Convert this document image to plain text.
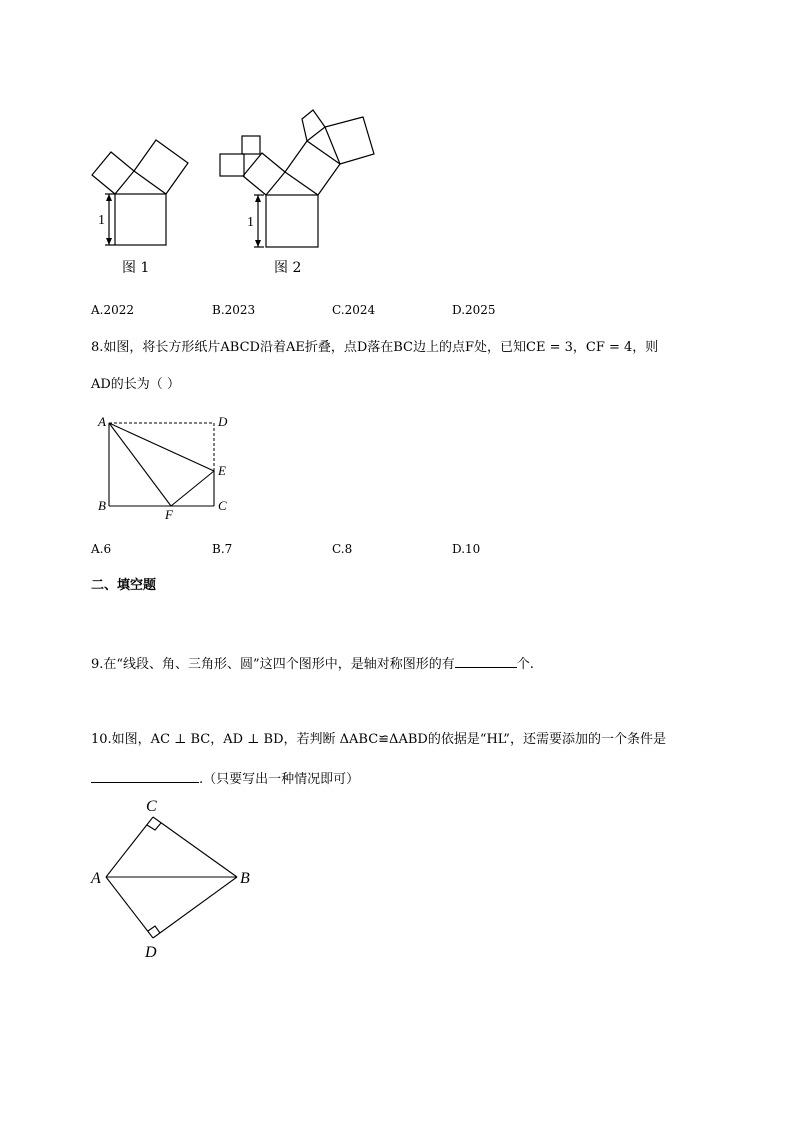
1	1
图 1	图 2
A.2022	B.2023	C.2024	D.2025
8.如图，将长方形纸片ABCD沿着AE折叠，点D落在BC边上的点F处，已知CE = 3，CF = 4，则
AD的长为（ ）
A	D
E
B	C
F
A.6	B.7	C.8	D.10
二、填空题
9.在“线段、角、三角形、圆”这四个图形中，是轴对称图形的有	个.
10.如图，AC ⊥ BC，AD ⊥ BD，若判断 ΔABC≌ΔABD的依据是“HL”，还需要添加的一个条件是
.（只要写出一种情况即可）
C
A	B
D
